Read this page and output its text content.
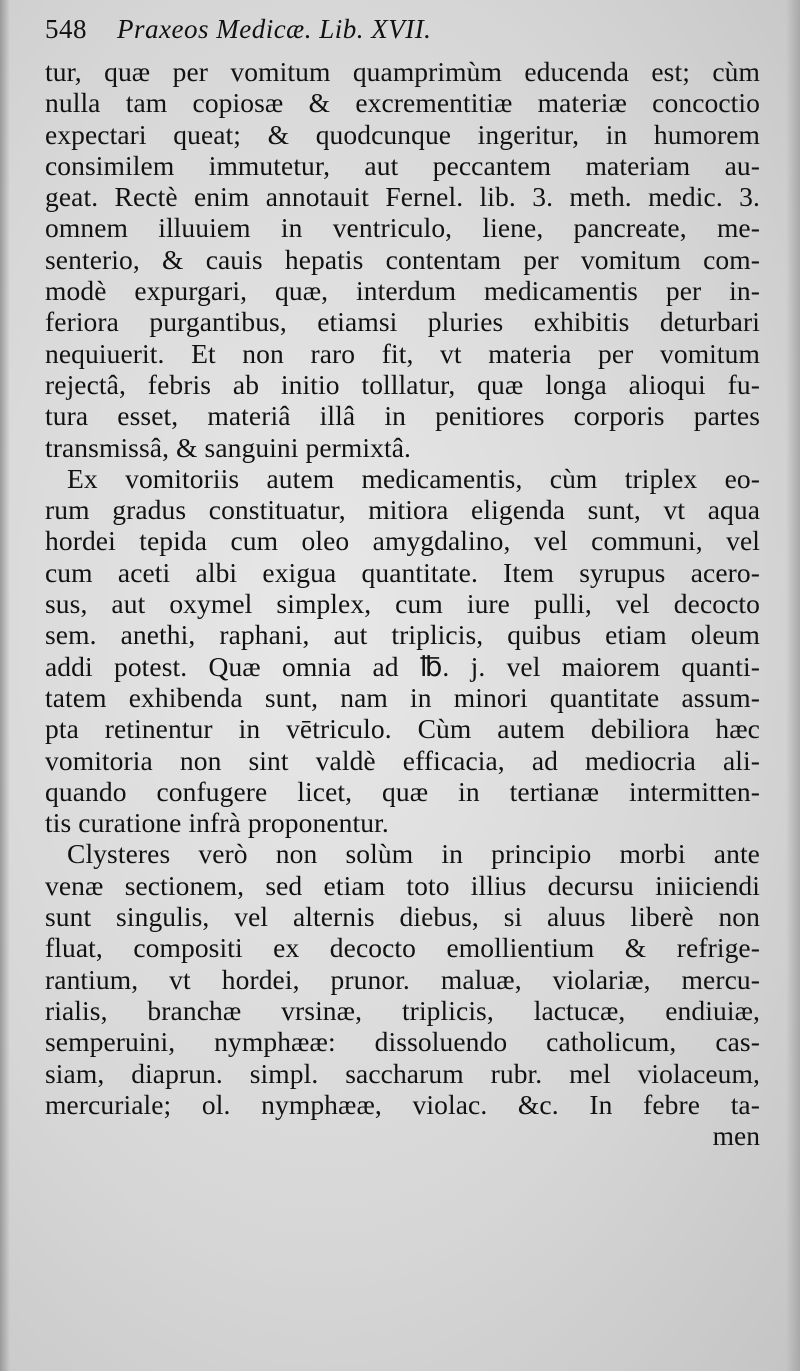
548 Praxeos Medicæ. Lib. XVII.
tur, quæ per vomitum quamprimùm educenda est; cùm
nulla tam copiosæ & excrementitiæ materiæ concoctio
expectari queat; & quodcunque ingeritur, in humorem
consimilem immutetur, aut peccantem materiam au-
geat. Rectè enim annotauit Fernel. lib. 3. meth. medic. 3.
omnem illuuiem in ventriculo, liene, pancreate, me-
senterio, & cauis hepatis contentam per vomitum com-
modè expurgari, quæ, interdum medicamentis per in-
feriora purgantibus, etiamsi pluries exhibitis deturbari
nequiuerit. Et non raro fit, vt materia per vomitum
rejectâ, febris ab initio tolllatur, quæ longa alioqui fu-
tura esset, materiâ illâ in penitiores corporis partes
transmissâ, & sanguini permixtâ.
Ex vomitoriis autem medicamentis, cùm triplex eo-
rum gradus constituatur, mitiora eligenda sunt, vt aqua
hordei tepida cum oleo amygdalino, vel communi, vel
cum aceti albi exigua quantitate. Item syrupus acero-
sus, aut oxymel simplex, cum iure pulli, vel decocto
sem. anethi, raphani, aut triplicis, quibus etiam oleum
addi potest. Quæ omnia ad ℔. j. vel maiorem quanti-
tatem exhibenda sunt, nam in minori quantitate assum-
pta retinentur in vētriculo. Cùm autem debiliora hæc
vomitoria non sint valdè efficacia, ad mediocria ali-
quando confugere licet, quæ in tertianæ intermitten-
tis curatione infrà proponentur.
Clysteres verò non solùm in principio morbi ante
venæ sectionem, sed etiam toto illius decursu iniiciendi
sunt singulis, vel alternis diebus, si aluus liberè non
fluat, compositi ex decocto emollientium & refrige-
rantium, vt hordei, prunor. maluæ, violariæ, mercu-
rialis, branchæ vrsinæ, triplicis, lactucæ, endiuiæ,
semperuini, nymphææ: dissoluendo catholicum, cas-
siam, diaprun. simpl. saccharum rubr. mel violaceum,
mercuriale; ol. nymphææ, violac. &c. In febre ta-
men
